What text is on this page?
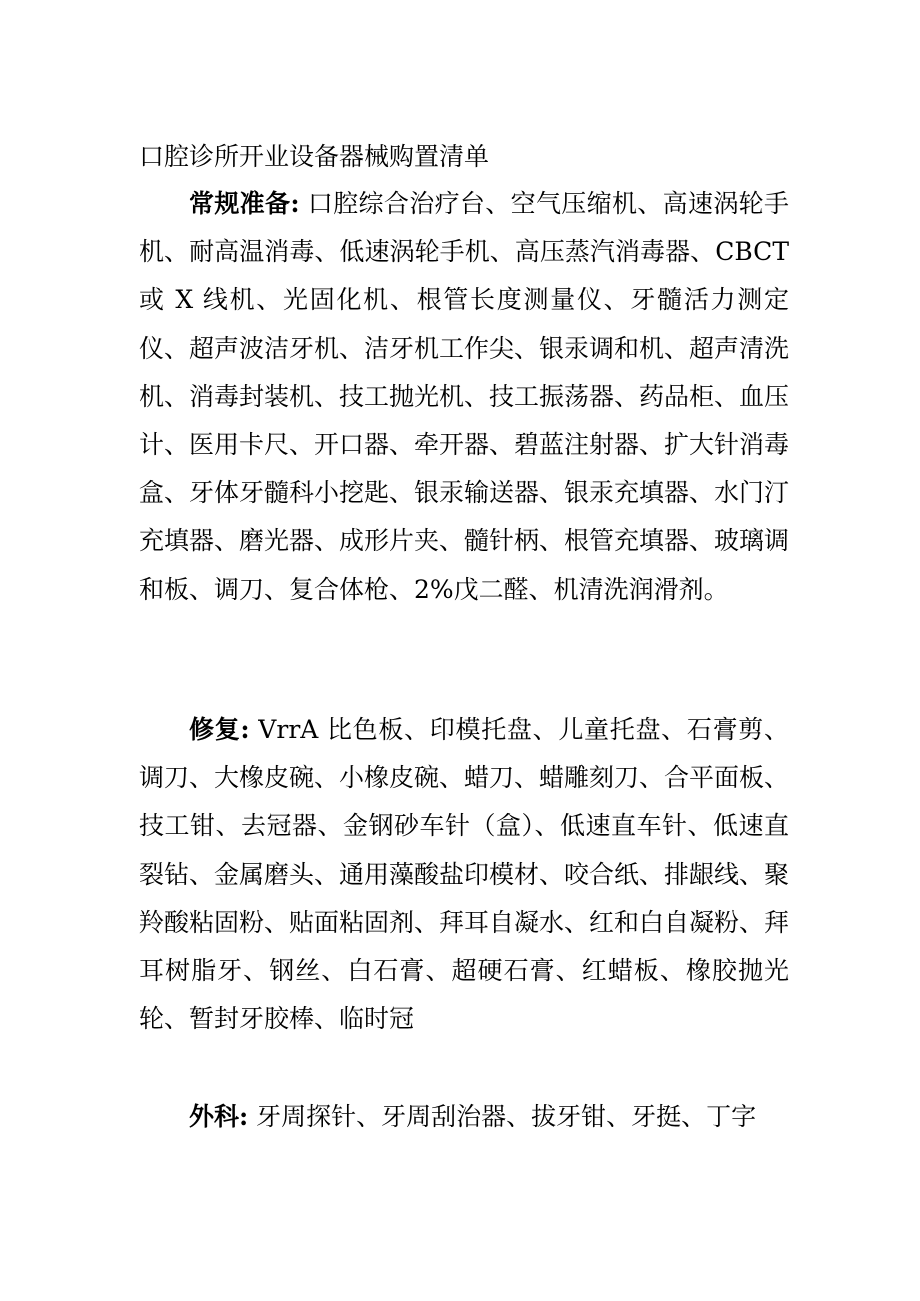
口腔诊所开业设备器械购置清单

常规准备: 口腔综合治疗台、空气压缩机、高速涡轮手机、耐高温消毒、低速涡轮手机、高压蒸汽消毒器、CBCT 或 X 线机、光固化机、根管长度测量仪、牙髓活力测定仪、超声波洁牙机、洁牙机工作尖、银汞调和机、超声清洗机、消毒封装机、技工抛光机、技工振荡器、药品柜、血压计、医用卡尺、开口器、牵开器、碧蓝注射器、扩大针消毒盒、牙体牙髓科小挖匙、银汞输送器、银汞充填器、水门汀充填器、磨光器、成形片夹、髓针柄、根管充填器、玻璃调和板、调刀、复合体枪、2%戊二醛、机清洗润滑剂。

修复: VrrA 比色板、印模托盘、儿童托盘、石膏剪、调刀、大橡皮碗、小橡皮碗、蜡刀、蜡雕刻刀、合平面板、技工钳、去冠器、金钢砂车针（盒）、低速直车针、低速直裂钻、金属磨头、通用藻酸盐印模材、咬合纸、排龈线、聚羚酸粘固粉、贴面粘固剂、拜耳自凝水、红和白自凝粉、拜耳树脂牙、钢丝、白石膏、超硬石膏、红蜡板、橡胶抛光轮、暂封牙胶棒、临时冠

外科: 牙周探针、牙周刮治器、拔牙钳、牙挺、丁字
